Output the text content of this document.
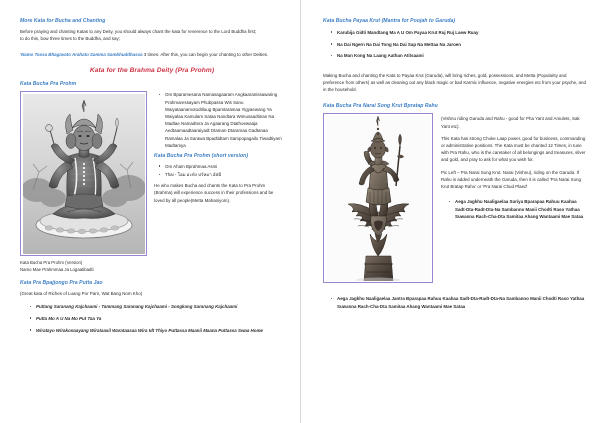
More Kata for Bucha and Chanting

Before praying and chanting Katas to any Deity, you should always chant the kata for reverence to the Lord Buddha first;

to do this, bow three times to the Buddha, and say;

'Namo Tassa Bhagavato Arahato Samma Sambhuddhassa 3 times. After this, you can begin your chanting to other Deities.

Kata for the Brahma Deity (Pra Prohm)
Kata Bucha Pra Prohm
Om Bparamesana Namasagaaram Angkaaranissawaring Prahmaressayam Phubpassa Wis Sanu Waiyataanamotodtiluug Bpamtaramaa Yigyaewang Ya Waiyalaa Kamulam Sataa Nandtara Wimusaadtinan Na Madtae Namadtera Ja Agaarang Dtathoewaaja Aedtaamaadtaaraiyadt Dtaman Dtaramaa Gadtanaa Ramalaa Ja Sarawa Bpadtidtam Sampopagailo Tiwadtiyam Madtamya
Kata Bucha Pra Prohm (short version)
Om Aham Bprahmaa Asmi
Thai - โอม อะหัง ปรัหมา อัสมิ

He who makes Bucha and chants the Kata to Pra Prohm (Brahma) will experience success in their professions and be loved by all people(Metta Mahaniyom).

Kata Bucha Pra Prohm (Version)
Namo Mae Prahmmaa Ja Logaatibadti

Kata Pra Bpajjongo Pra Putta Jao

(Great kata of Riches of Luang Por Parn, Wat Bang Nom Kho)

Puttang Saranang Kajchaami - Tammang Saranang Kajchaami - Songkang Saranang Kajchaami
Putta Mo A U Na Mo Put Taa Ya
Wiratayo Wirakonaayang Wirataasil Warataasaa Wira Idt Thiyo Puttassa Maanii Maana Puttassa Swaa Home
Kata Bucha Payaa Krut (Mantra for Poojah to Garuda)
Karubija Gidti Mandtang Ma A U Om Payaa Krut Ruj Ruj Laew Ruay
Na Dai Ngern Na Dai Tong Na Dai Sap Na Mettaa Na Jaroen
Na Man Kong Na Laang Aathan Atitsaami

Making Bucha and chanting the Kata to Payaa Krut (Garuda), will bring riches, gold, possessions, and Metta (Popularity and preference from others) as well as cleaning out any black magic or bad Karmic influence, negative energies etc from your psyche, and in the household.

Kata Bucha Pra Narai Song Krut Bpratap Rahu

(Vishnu riding Garuda and Rahu - good for Pha Yant and Amulets, Sak Yant etc).

This Kata has strong Choke Laap power, good for business, commanding or administrative positions. The Kata must be chanted 12 Times, in tune with Pra Rahu, who is the caretaker of all belongings and treasures, silver and gold, and pray to ask for what you wish for.

Pic Left – Pra Narai Song Krut. Narai (Vishnu), riding on the Garuda. If Rahu is added underneath the Garuda, then it is called 'Pra Narai Song Krut Bratap Rahu' or 'Pra Narai Chud Plaed'

Aega Jagkhu Naaligaelaa Suriya Bparapaa Rahuu Kaahaa Sadt-Dta-Radt-Dta-Na Sambanno Manii Chodti Raso Yathaa Suwanna Rach-Cha-Dta Samitaa Ahang Wantaami Mae Sataa
Aega Jagkhu Naaligaelaa Jantra Bparapaa Rahuu Kaahaa Sadt-Dta-Radt-Dta-Na Sambanno Manii Chodti Raso Yathaa Suwanna Rach-Cha-Dta Samitaa Ahang Wantaami Mae Sataa
